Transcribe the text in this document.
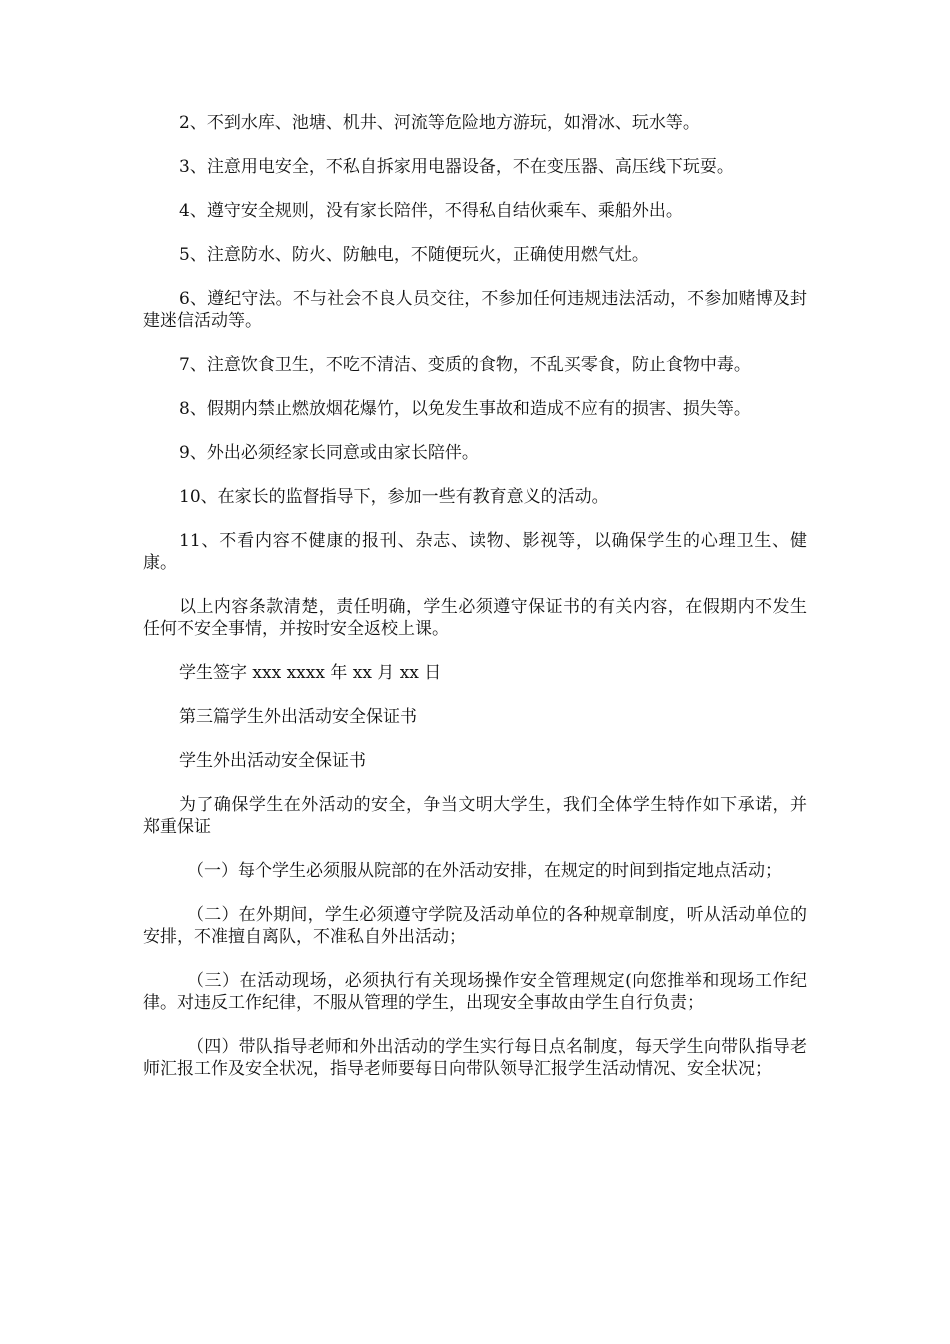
2、不到水库、池塘、机井、河流等危险地方游玩，如滑冰、玩水等。

3、注意用电安全，不私自拆家用电器设备，不在变压器、高压线下玩耍。

4、遵守安全规则，没有家长陪伴，不得私自结伙乘车、乘船外出。

5、注意防水、防火、防触电，不随便玩火，正确使用燃气灶。

6、遵纪守法。不与社会不良人员交往，不参加任何违规违法活动，不参加赌博及封建迷信活动等。

7、注意饮食卫生，不吃不清洁、变质的食物，不乱买零食，防止食物中毒。

8、假期内禁止燃放烟花爆竹，以免发生事故和造成不应有的损害、损失等。

9、外出必须经家长同意或由家长陪伴。

10、在家长的监督指导下，参加一些有教育意义的活动。

11、不看内容不健康的报刊、杂志、读物、影视等，以确保学生的心理卫生、健康。

以上内容条款清楚，责任明确，学生必须遵守保证书的有关内容，在假期内不发生任何不安全事情，并按时安全返校上课。

学生签字 xxx xxxx 年 xx 月 xx 日

第三篇学生外出活动安全保证书

学生外出活动安全保证书

为了确保学生在外活动的安全，争当文明大学生，我们全体学生特作如下承诺，并郑重保证

（一）每个学生必须服从院部的在外活动安排，在规定的时间到指定地点活动；

（二）在外期间，学生必须遵守学院及活动单位的各种规章制度，听从活动单位的安排，不准擅自离队，不准私自外出活动；

（三）在活动现场，必须执行有关现场操作安全管理规定(向您推举和现场工作纪律。对违反工作纪律，不服从管理的学生，出现安全事故由学生自行负责；

（四）带队指导老师和外出活动的学生实行每日点名制度，每天学生向带队指导老师汇报工作及安全状况，指导老师要每日向带队领导汇报学生活动情况、安全状况；
